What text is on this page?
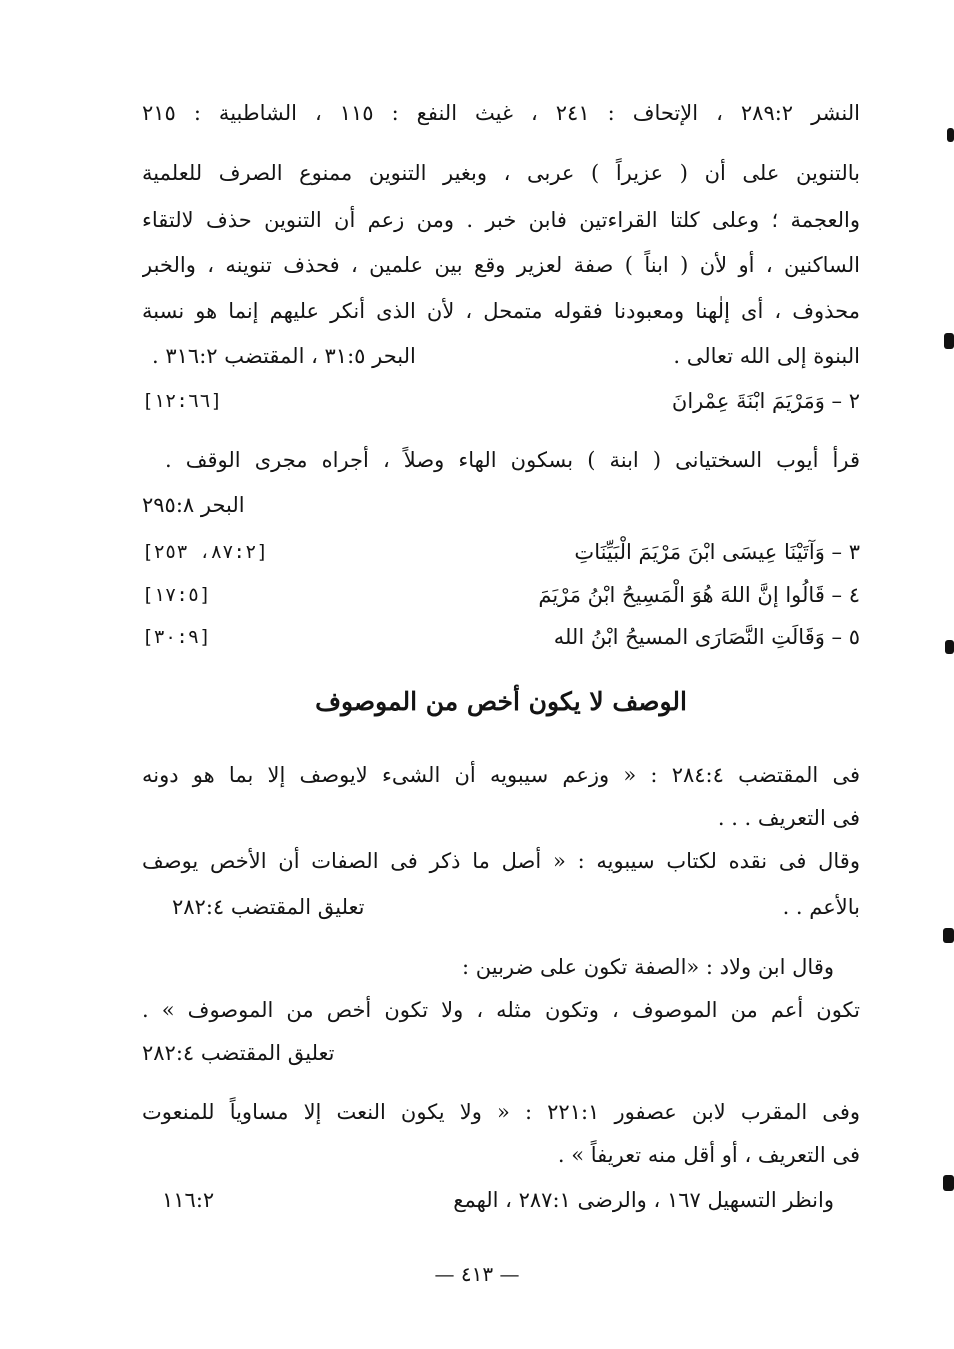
النشر ٢٨٩:٢ ، الإتحاف : ٢٤١ ، غيث النفع : ١١٥ ، الشاطبية : ٢١٥
بالتنوين على أن ( عزيراً ) عربى ، وبغير التنوين ممنوع الصرف للعلمية
والعجمة ؛ وعلى كلتا القراءتين فابن خبر . ومن زعم أن التنوين حذف لالتقاء
الساكنين ، أو لأن ( ابناً ) صفة لعزير وقع بين علمين ، فحذف تنوينه ، والخبر
محذوف ، أى إلٰهنا ومعبودنا فقوله متمحل ، لأن الذى أنكر عليهم إنما هو نسبة
البنوة إلى الله تعالى .
البحر ٣١:٥ ، المقتضب ٣١٦:٢ .
٢ – وَمَرْيَمَ ابْنَةَ عِمْرانَ
[١٢:٦٦]
قرأ أيوب السختيانى ( ابنة ) بسكون الهاء وصلاً ، أجراه مجرى الوقف .
البحر ٢٩٥:٨
٣ – وَآتَيْنَا عِيسَى ابْنَ مَرْيَمَ الْبَيِّنَاتِ
[٨٧:٢، ٢٥٣]
٤ – قَالُوا إنَّ اللهَ هُوَ الْمَسِيحُ ابْنُ مَرْيَمَ
[١٧:٥]
٥ – وَقَالَتِ النَّصَارَى المسيحُ ابْنُ الله
[٣٠:٩]
الوصف لا يكون أخص من الموصوف
فى المقتضب ٢٨٤:٤ : « وزعم سيبويه أن الشىء لايوصف إلا بما هو دونه
فى التعريف . . .
وقال فى نقده لكتاب سيبويه : « أصل ما ذكر فى الصفات أن الأخص يوصف
بالأعم . .
تعليق المقتضب ٢٨٢:٤
وقال ابن ولاد : «الصفة تكون على ضربين :
تكون أعم من الموصوف ، وتكون مثله ، ولا تكون أخص من الموصوف » .
تعليق المقتضب ٢٨٢:٤
وفى المقرب لابن عصفور ٢٢١:١ : « ولا يكون النعت إلا مساوياً للمنعوت
فى التعريف ، أو أقل منه تعريفاً » .
وانظر التسهيل ١٦٧ ، والرضى ٢٨٧:١ ، الهمع
١١٦:٢
— ٤١٣ —
